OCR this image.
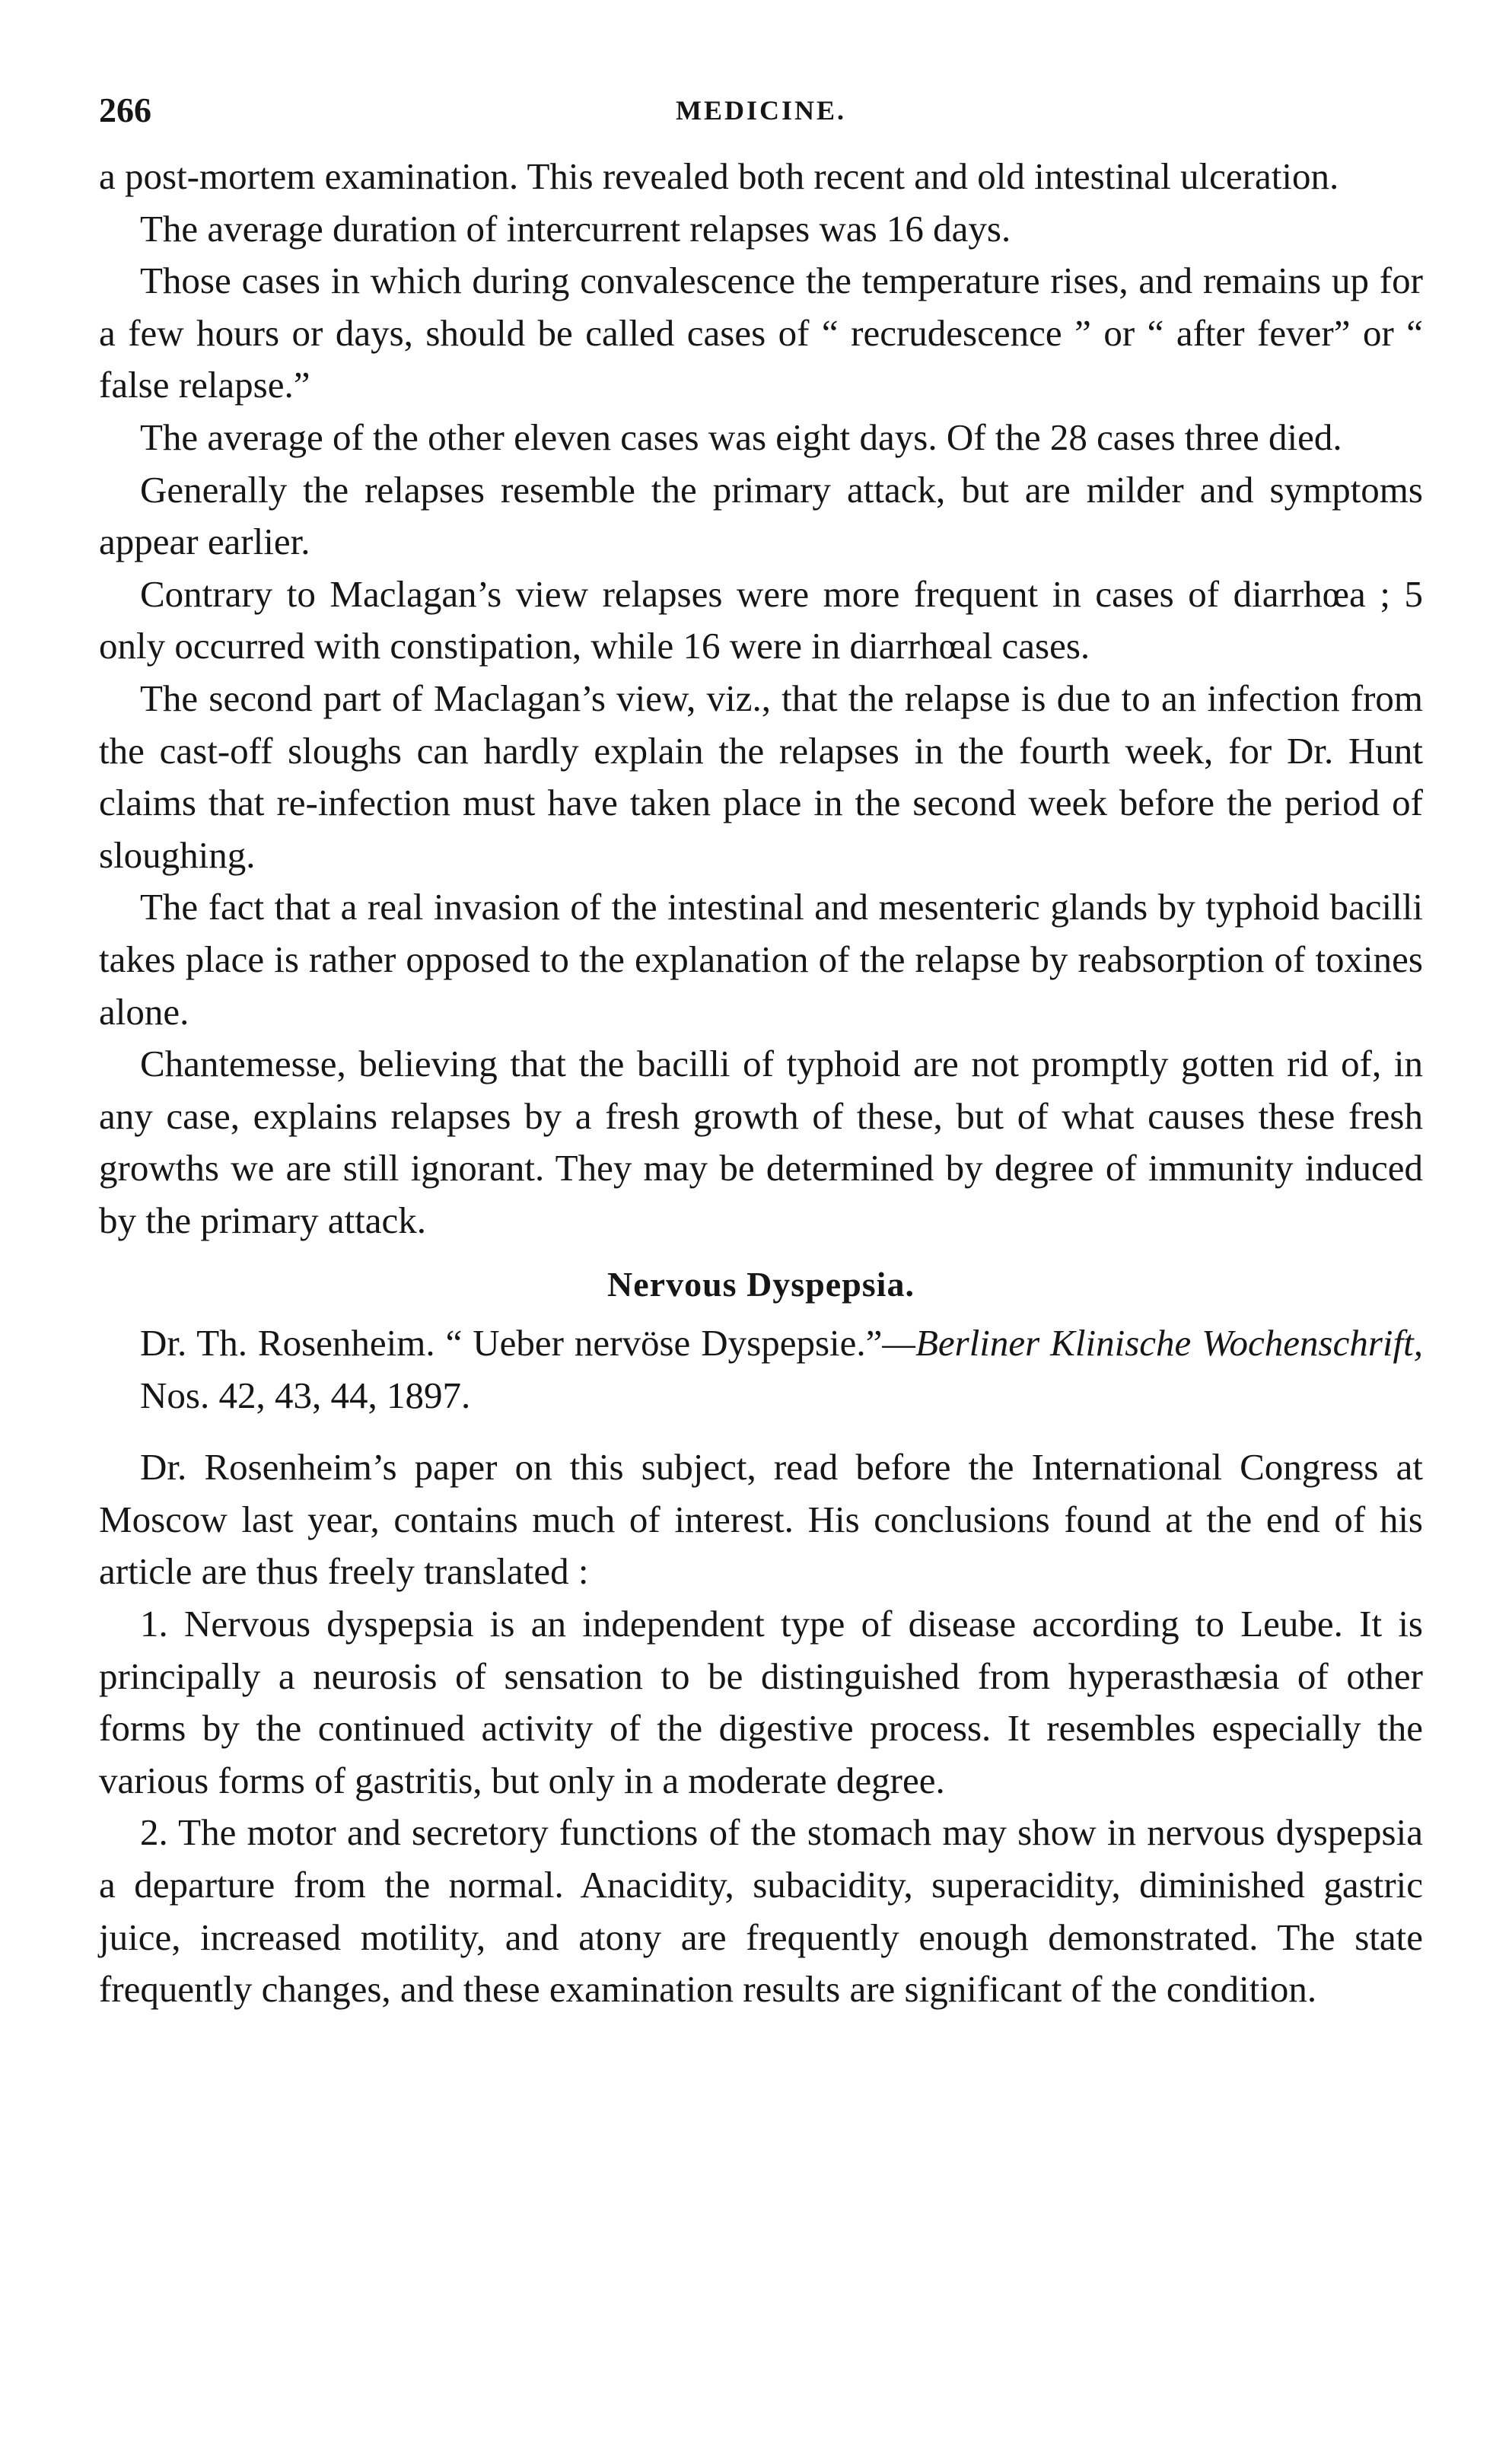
266	MEDICINE.

a post-mortem examination. This revealed both recent and old intestinal ulceration.

The average duration of intercurrent relapses was 16 days.

Those cases in which during convalescence the temperature rises, and remains up for a few hours or days, should be called cases of “ recrudescence ” or “ after fever” or “ false relapse.”

The average of the other eleven cases was eight days. Of the 28 cases three died.

Generally the relapses resemble the primary attack, but are milder and symptoms appear earlier.

Contrary to Maclagan’s view relapses were more frequent in cases of diarrhœa ; 5 only occurred with constipation, while 16 were in diarrhœal cases.

The second part of Maclagan’s view, viz., that the relapse is due to an infection from the cast-off sloughs can hardly explain the relapses in the fourth week, for Dr. Hunt claims that re-infection must have taken place in the second week before the period of sloughing.

The fact that a real invasion of the intestinal and mesenteric glands by typhoid bacilli takes place is rather opposed to the explanation of the relapse by reabsorption of toxines alone.

Chantemesse, believing that the bacilli of typhoid are not promptly gotten rid of, in any case, explains relapses by a fresh growth of these, but of what causes these fresh growths we are still ignorant. They may be determined by degree of immunity induced by the primary attack.

Nervous Dyspepsia.

Dr. Th. Rosenheim. “ Ueber nervöse Dyspepsie.”—Berliner Klinische Wochenschrift, Nos. 42, 43, 44, 1897.

Dr. Rosenheim’s paper on this subject, read before the International Congress at Moscow last year, contains much of interest. His conclusions found at the end of his article are thus freely translated :

1. Nervous dyspepsia is an independent type of disease according to Leube. It is principally a neurosis of sensation to be distinguished from hyperasthæsia of other forms by the continued activity of the digestive process. It resembles especially the various forms of gastritis, but only in a moderate degree.

2. The motor and secretory functions of the stomach may show in nervous dyspepsia a departure from the normal. Anacidity, subacidity, superacidity, diminished gastric juice, increased motility, and atony are frequently enough demonstrated. The state frequently changes, and these examination results are significant of the condition.
